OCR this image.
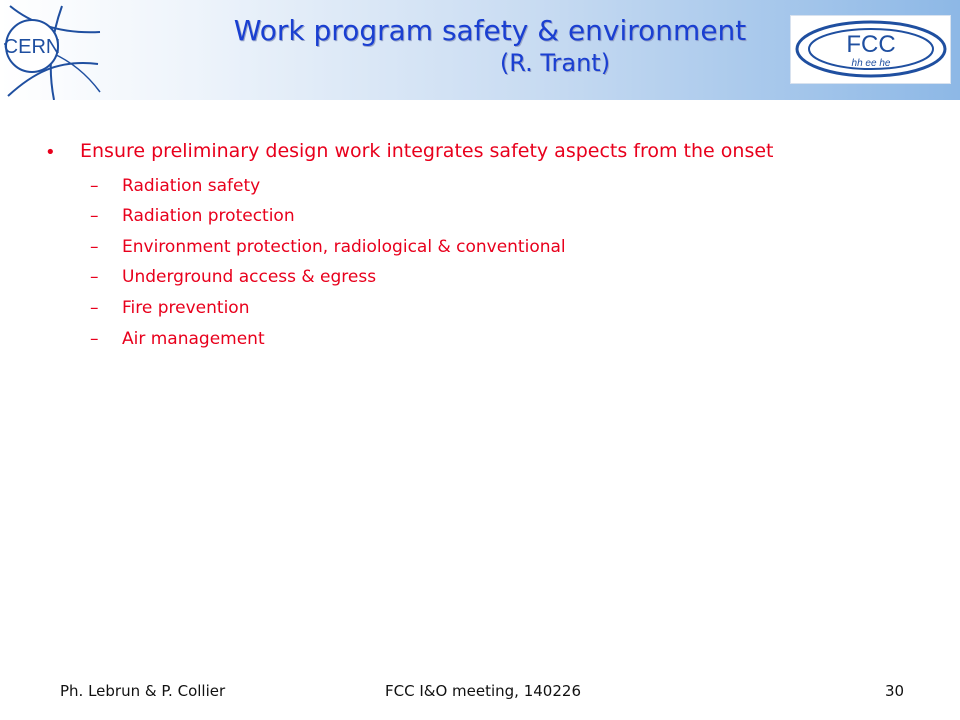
CERN	Work program safety & environment
(R. Trant)
FCC
hh ee he
• Ensure preliminary design work integrates safety aspects from the onset
– Radiation safety
– Radiation protection
– Environment protection, radiological & conventional
– Underground access & egress
– Fire prevention
– Air management
Ph. Lebrun & P. Collier	FCC I&O meeting, 140226	30
